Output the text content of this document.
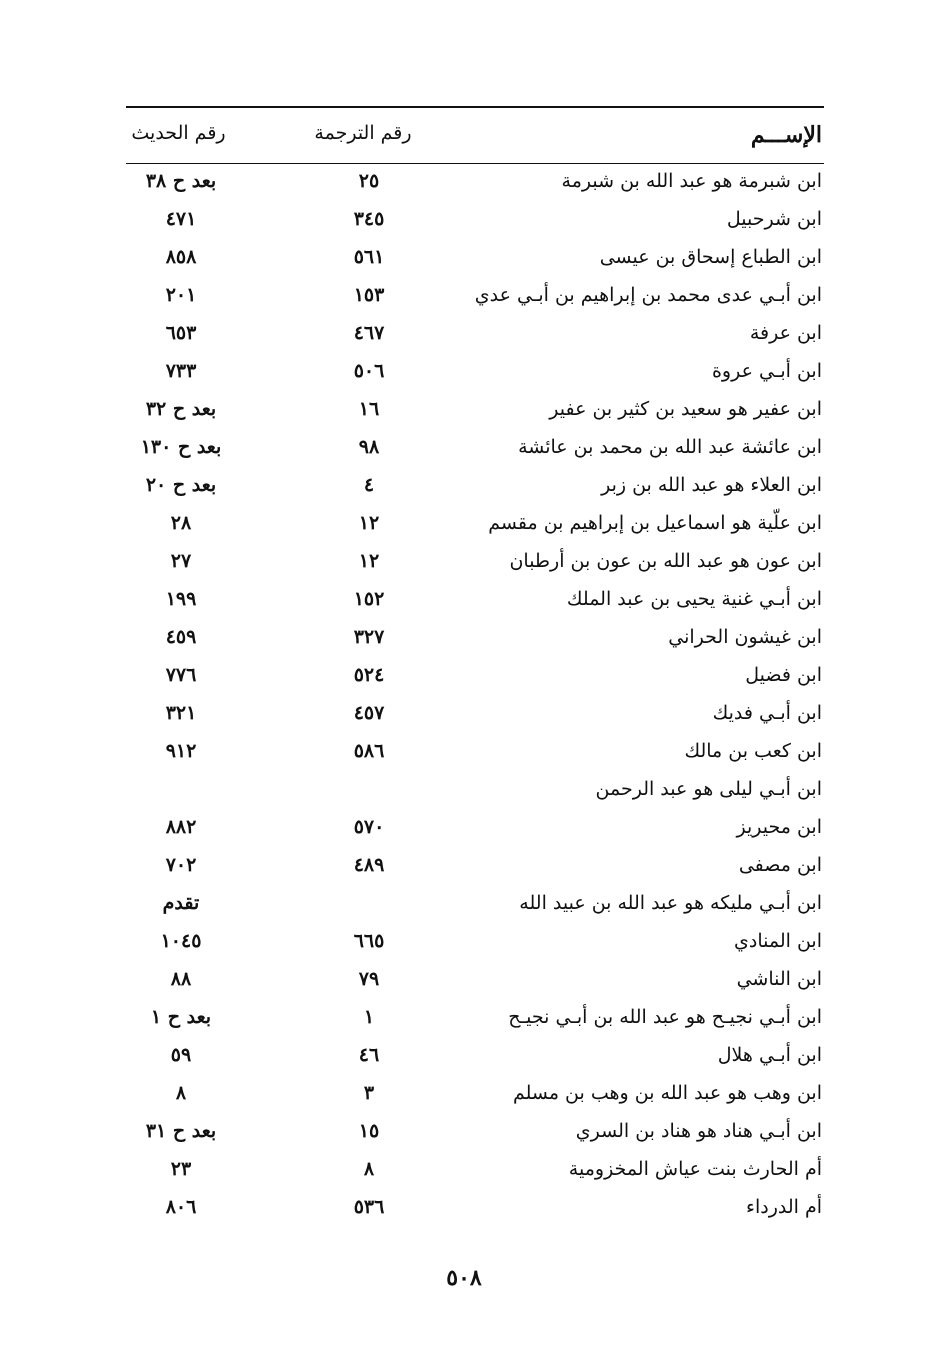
الإســـم
رقم الترجمة
رقم الحديث
ابن شبرمة هو عبد الله بن شبرمة
٢٥
بعد ح ٣٨
ابن شرحبيل
٣٤٥
٤٧١
ابن الطباع إسحاق بن عيسى
٥٦١
٨٥٨
ابن أبـي عدى محمد بن إبراهيم بن أبـي عدي
١٥٣
٢٠١
ابن عرفة
٤٦٧
٦٥٣
ابن أبـي عروة
٥٠٦
٧٣٣
ابن عفير هو سعيد بن كثير بن عفير
١٦
بعد ح ٣٢
ابن عائشة عبد الله بن محمد بن عائشة
٩٨
بعد ح ١٣٠
ابن العلاء هو عبد الله بن زبر
٤
بعد ح ٢٠
ابن علّية هو اسماعيل بن إبراهيم بن مقسم
١٢
٢٨
ابن عون هو عبد الله بن عون بن أرطبان
١٢
٢٧
ابن أبـي غنية يحيى بن عبد الملك
١٥٢
١٩٩
ابن غيشون الحراني
٣٢٧
٤٥٩
ابن فضيل
٥٢٤
٧٧٦
ابن أبـي فديك
٤٥٧
٣٢١
ابن كعب بن مالك
٥٨٦
٩١٢
ابن أبـي ليلى هو عبد الرحمن
ابن محيريز
٥٧٠
٨٨٢
ابن مصفى
٤٨٩
٧٠٢
ابن أبـي مليكه هو عبد الله بن عبيد الله
تقدم
ابن المنادي
٦٦٥
١٠٤٥
ابن الناشي
٧٩
٨٨
ابن أبـي نجيـح هو عبد الله بن أبـي نجيـح
١
بعد ح ١
ابن أبـي هلال
٤٦
٥٩
ابن وهب هو عبد الله بن وهب بن مسلم
٣
٨
ابن أبـي هناد هو هناد بن السري
١٥
بعد ح ٣١
أم الحارث بنت عياش المخزومية
٨
٢٣
أم الدرداء
٥٣٦
٨٠٦
٥٠٨
